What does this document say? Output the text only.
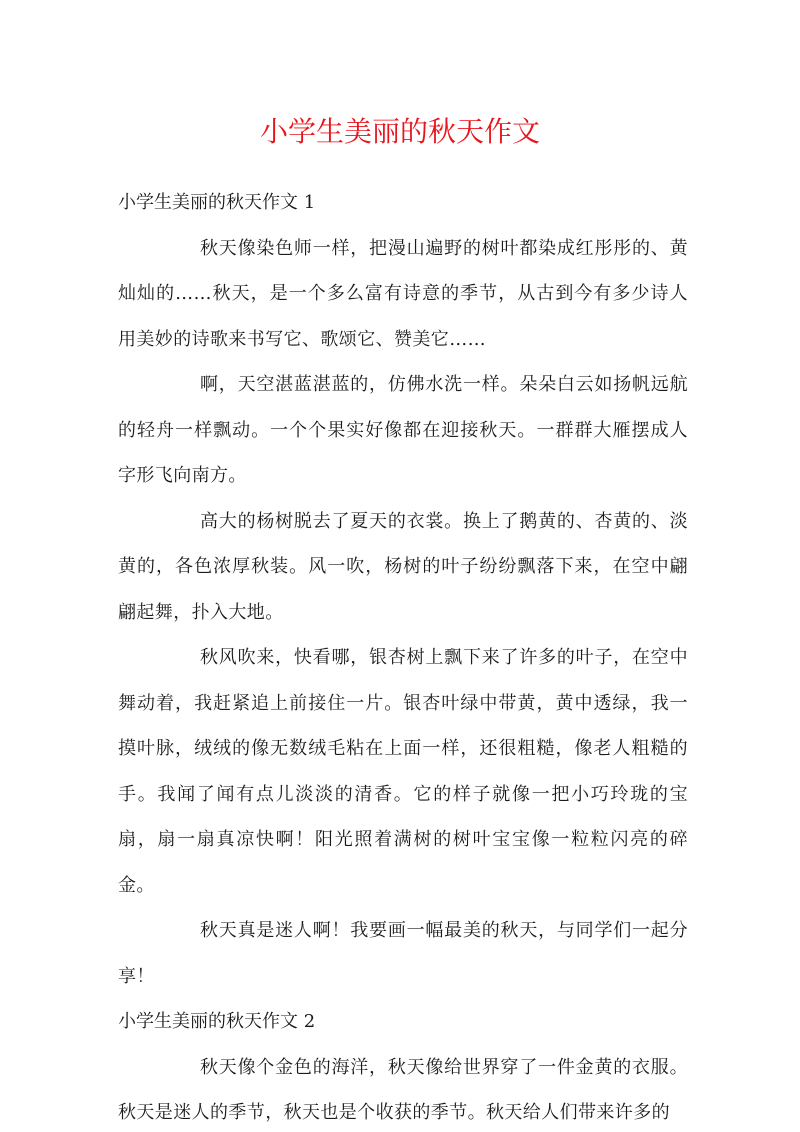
小学生美丽的秋天作文

小学生美丽的秋天作文 1

秋天像染色师一样，把漫山遍野的树叶都染成红彤彤的、黄灿灿的……秋天，是一个多么富有诗意的季节，从古到今有多少诗人用美妙的诗歌来书写它、歌颂它、赞美它……

啊，天空湛蓝湛蓝的，仿佛水洗一样。朵朵白云如扬帆远航的轻舟一样飘动。一个个果实好像都在迎接秋天。一群群大雁摆成人字形飞向南方。

高大的杨树脱去了夏天的衣裳。换上了鹅黄的、杏黄的、淡黄的，各色浓厚秋装。风一吹，杨树的叶子纷纷飘落下来，在空中翩翩起舞，扑入大地。

秋风吹来，快看哪，银杏树上飘下来了许多的叶子，在空中舞动着，我赶紧追上前接住一片。银杏叶绿中带黄，黄中透绿，我一摸叶脉，绒绒的像无数绒毛粘在上面一样，还很粗糙，像老人粗糙的手。我闻了闻有点儿淡淡的清香。它的样子就像一把小巧玲珑的宝扇，扇一扇真凉快啊！阳光照着满树的树叶宝宝像一粒粒闪亮的碎金。

秋天真是迷人啊！我要画一幅最美的秋天，与同学们一起分享！

小学生美丽的秋天作文 2

秋天像个金色的海洋，秋天像给世界穿了一件金黄的衣服。秋天是迷人的季节，秋天也是个收获的季节。秋天给人们带来许多的
